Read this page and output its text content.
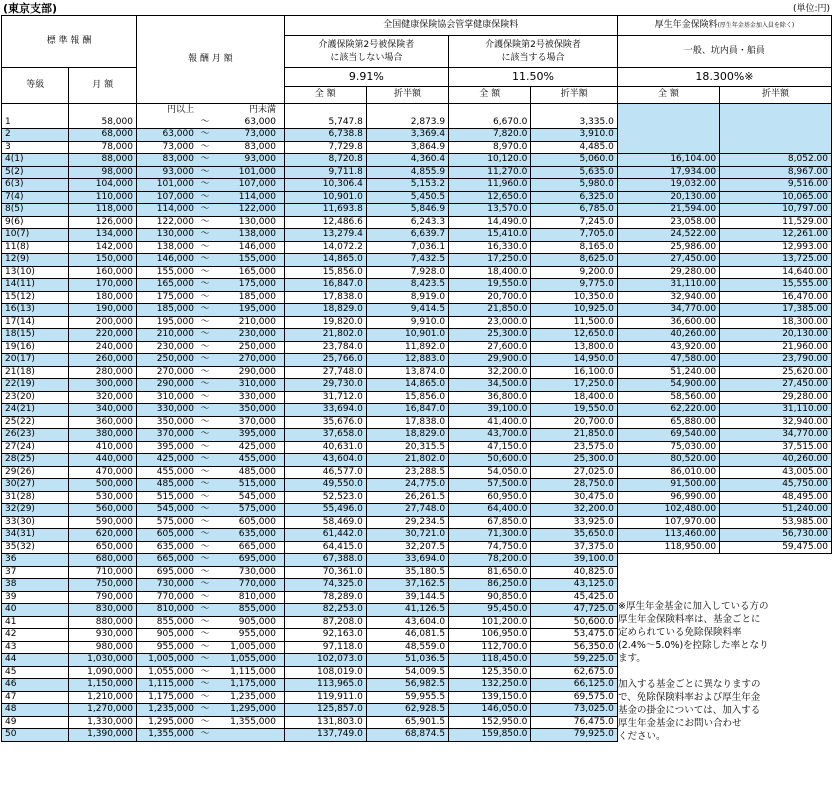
(東京支部)	(単位:円)
標 準 報 酬		報 酬 月 額	全国健康保険協会管掌健康保険料				厚生年金保険料(厚生年金基金加入員を除く)	
			介護保険第2号被保険者
に該当しない場合		介護保険第2号被保険者
に該当する場合		一般、坑内員・船員	
等級	月 額		9.91%		11.50%		18.300%※	
			全 額	折半額	全 額	折半額	全 額	折半額
		円以上 円未満						
1	58,000	～ 63,000	5,747.8	2,873.9	6,670.0	3,335.0		
2	68,000	63,000 ～ 73,000	6,738.8	3,369.4	7,820.0	3,910.0		
3	78,000	73,000 ～ 83,000	7,729.8	3,864.9	8,970.0	4,485.0		
4(1)	88,000	83,000 ～ 93,000	8,720.8	4,360.4	10,120.0	5,060.0	16,104.00	8,052.00
5(2)	98,000	93,000 ～ 101,000	9,711.8	4,855.9	11,270.0	5,635.0	17,934.00	8,967.00
6(3)	104,000	101,000 ～ 107,000	10,306.4	5,153.2	11,960.0	5,980.0	19,032.00	9,516.00
7(4)	110,000	107,000 ～ 114,000	10,901.0	5,450.5	12,650.0	6,325.0	20,130.00	10,065.00
8(5)	118,000	114,000 ～ 122,000	11,693.8	5,846.9	13,570.0	6,785.0	21,594.00	10,797.00
9(6)	126,000	122,000 ～ 130,000	12,486.6	6,243.3	14,490.0	7,245.0	23,058.00	11,529.00
10(7)	134,000	130,000 ～ 138,000	13,279.4	6,639.7	15,410.0	7,705.0	24,522.00	12,261.00
11(8)	142,000	138,000 ～ 146,000	14,072.2	7,036.1	16,330.0	8,165.0	25,986.00	12,993.00
12(9)	150,000	146,000 ～ 155,000	14,865.0	7,432.5	17,250.0	8,625.0	27,450.00	13,725.00
13(10)	160,000	155,000 ～ 165,000	15,856.0	7,928.0	18,400.0	9,200.0	29,280.00	14,640.00
14(11)	170,000	165,000 ～ 175,000	16,847.0	8,423.5	19,550.0	9,775.0	31,110.00	15,555.00
15(12)	180,000	175,000 ～ 185,000	17,838.0	8,919.0	20,700.0	10,350.0	32,940.00	16,470.00
16(13)	190,000	185,000 ～ 195,000	18,829.0	9,414.5	21,850.0	10,925.0	34,770.00	17,385.00
17(14)	200,000	195,000 ～ 210,000	19,820.0	9,910.0	23,000.0	11,500.0	36,600.00	18,300.00
18(15)	220,000	210,000 ～ 230,000	21,802.0	10,901.0	25,300.0	12,650.0	40,260.00	20,130.00
19(16)	240,000	230,000 ～ 250,000	23,784.0	11,892.0	27,600.0	13,800.0	43,920.00	21,960.00
20(17)	260,000	250,000 ～ 270,000	25,766.0	12,883.0	29,900.0	14,950.0	47,580.00	23,790.00
21(18)	280,000	270,000 ～ 290,000	27,748.0	13,874.0	32,200.0	16,100.0	51,240.00	25,620.00
22(19)	300,000	290,000 ～ 310,000	29,730.0	14,865.0	34,500.0	17,250.0	54,900.00	27,450.00
23(20)	320,000	310,000 ～ 330,000	31,712.0	15,856.0	36,800.0	18,400.0	58,560.00	29,280.00
24(21)	340,000	330,000 ～ 350,000	33,694.0	16,847.0	39,100.0	19,550.0	62,220.00	31,110.00
25(22)	360,000	350,000 ～ 370,000	35,676.0	17,838.0	41,400.0	20,700.0	65,880.00	32,940.00
26(23)	380,000	370,000 ～ 395,000	37,658.0	18,829.0	43,700.0	21,850.0	69,540.00	34,770.00
27(24)	410,000	395,000 ～ 425,000	40,631.0	20,315.5	47,150.0	23,575.0	75,030.00	37,515.00
28(25)	440,000	425,000 ～ 455,000	43,604.0	21,802.0	50,600.0	25,300.0	80,520.00	40,260.00
29(26)	470,000	455,000 ～ 485,000	46,577.0	23,288.5	54,050.0	27,025.0	86,010.00	43,005.00
30(27)	500,000	485,000 ～ 515,000	49,550.0	24,775.0	57,500.0	28,750.0	91,500.00	45,750.00
31(28)	530,000	515,000 ～ 545,000	52,523.0	26,261.5	60,950.0	30,475.0	96,990.00	48,495.00
32(29)	560,000	545,000 ～ 575,000	55,496.0	27,748.0	64,400.0	32,200.0	102,480.00	51,240.00
33(30)	590,000	575,000 ～ 605,000	58,469.0	29,234.5	67,850.0	33,925.0	107,970.00	53,985.00
34(31)	620,000	605,000 ～ 635,000	61,442.0	30,721.0	71,300.0	35,650.0	113,460.00	56,730.00
35(32)	650,000	635,000 ～ 665,000	64,415.0	32,207.5	74,750.0	37,375.0	118,950.00	59,475.00
36	680,000	665,000 ～ 695,000	67,388.0	33,694.0	78,200.0	39,100.0		
37	710,000	695,000 ～ 730,000	70,361.0	35,180.5	81,650.0	40,825.0		
38	750,000	730,000 ～ 770,000	74,325.0	37,162.5	86,250.0	43,125.0		
39	790,000	770,000 ～ 810,000	78,289.0	39,144.5	90,850.0	45,425.0		
40	830,000	810,000 ～ 855,000	82,253.0	41,126.5	95,450.0	47,725.0		
41	880,000	855,000 ～ 905,000	87,208.0	43,604.0	101,200.0	50,600.0		
42	930,000	905,000 ～ 955,000	92,163.0	46,081.5	106,950.0	53,475.0		
43	980,000	955,000 ～ 1,005,000	97,118.0	48,559.0	112,700.0	56,350.0		
44	1,030,000	1,005,000 ～ 1,055,000	102,073.0	51,036.5	118,450.0	59,225.0		
45	1,090,000	1,055,000 ～ 1,115,000	108,019.0	54,009.5	125,350.0	62,675.0		
46	1,150,000	1,115,000 ～ 1,175,000	113,965.0	56,982.5	132,250.0	66,125.0		
47	1,210,000	1,175,000 ～ 1,235,000	119,911.0	59,955.5	139,150.0	69,575.0		
48	1,270,000	1,235,000 ～ 1,295,000	125,857.0	62,928.5	146,050.0	73,025.0		
49	1,330,000	1,295,000 ～ 1,355,000	131,803.0	65,901.5	152,950.0	76,475.0		
50	1,390,000	1,355,000 ～	137,749.0	68,874.5	159,850.0	79,925.0		
※厚生年金基金に加入している方の
厚生年金保険料率は、基金ごとに
定められている免除保険料率
(2.4%～5.0%)を控除した率となり
ます。

加入する基金ごとに異なりますの
で、免除保険料率および厚生年金
基金の掛金については、加入する
厚生年金基金にお問い合わせ
ください。
